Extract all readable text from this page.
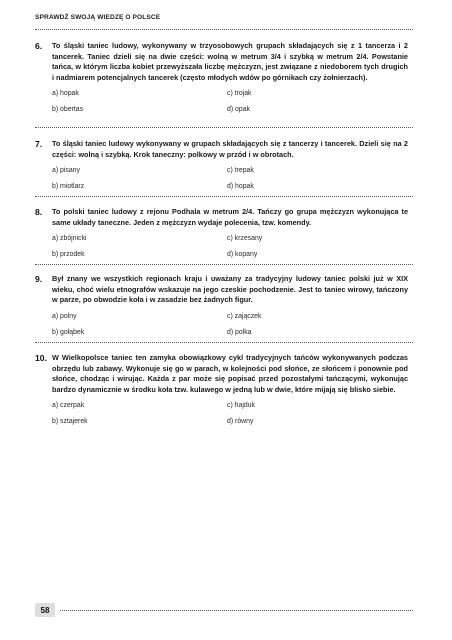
SPRAWDŹ SWOJĄ WIEDZĘ O POLSCE
6.	To śląski taniec ludowy, wykonywany w trzyosobowych grupach składających się z 1 tancerza i 2 tancerek. Taniec dzieli się na dwie części: wolną w metrum 3/4 i szybką w metrum 2/4. Powstanie tańca, w którym liczba kobiet przewyższała liczbę mężczyzn, jest związane z niedoborem tych drugich i nadmiarem potencjalnych tancerek (często młodych wdów po górnikach czy żołnierzach).

a) hopak	c) trojak
b) obertas	d) opak
7.	To śląski taniec ludowy wykonywany w grupach składających się z tancerzy i tancerek. Dzieli się na 2 części: wolną i szybką. Krok taneczny: polkowy w przód i w obrotach.

a) pisany	c) trepak
b) miotlarz	d) hopak
8.	To polski taniec ludowy z rejonu Podhala w metrum 2/4. Tańczy go grupa mężczyzn wykonująca te same układy taneczne. Jeden z mężczyzn wydaje polecenia, tzw. komendy.

a) zbójnicki	c) krzesany
b) przodek	d) kopany
9.	Był znany we wszystkich regionach kraju i uważany za tradycyjny ludowy taniec polski już w XIX wieku, choć wielu etnografów wskazuje na jego czeskie pochodzenie. Jest to taniec wirowy, tańczony w parze, po obwodzie koła i w zasadzie bez żadnych figur.

a) polny	c) zajączek
b) gołąbek	d) polka
10. W Wielkopolsce taniec ten zamyka obowiązkowy cykl tradycyjnych tańców wykonywanych podczas obrzędu lub zabawy. Wykonuje się go w parach, w kolejności pod słońce, ze słońcem i ponownie pod słońce, chodząc i wirując. Każda z par może się popisać przed pozostałymi tańczącymi, wykonując bardzo dynamicznie w środku koła tzw. kulawego w jedną lub w dwie, które mijają się blisko siebie.

a) czerpak	c) hajduk
b) sztajerek	d) równy
58
